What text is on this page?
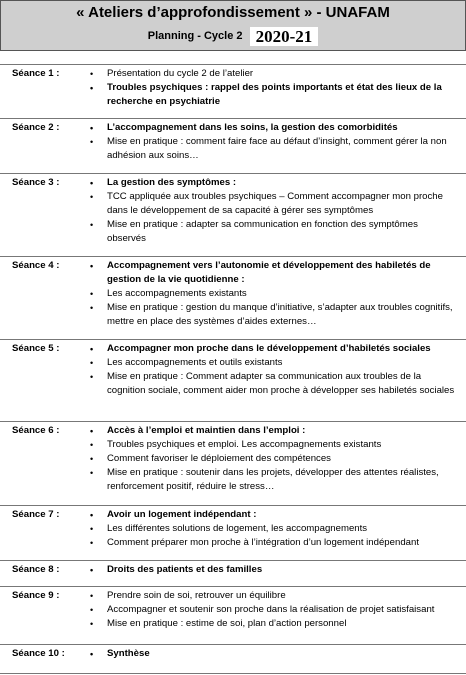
« Ateliers d’approfondissement » - UNAFAM
Planning - Cycle 2 2020-21
Séance 1 :	• Présentation du cycle 2 de l’atelier
• Troubles psychiques : rappel des points importants et état des lieux de la recherche en psychiatrie
Séance 2 :	• L’accompagnement dans les soins, la gestion des comorbidités
• Mise en pratique : comment faire face au défaut d’insight, comment gérer la non adhésion aux soins…
Séance 3 :	• La gestion des symptômes :
• TCC appliquée aux troubles psychiques – Comment accompagner mon proche dans le développement de sa capacité à gérer ses symptômes
• Mise en pratique : adapter sa communication en fonction des symptômes observés
Séance 4 :	• Accompagnement vers l’autonomie et développement des habiletés de gestion de la vie quotidienne :
• Les accompagnements existants
• Mise en pratique : gestion du manque d’initiative, s’adapter aux troubles cognitifs, mettre en place des systèmes d’aides externes…
Séance 5 :	• Accompagner mon proche dans le développement d’habiletés sociales
• Les accompagnements et outils existants
• Mise en pratique : Comment adapter sa communication aux troubles de la cognition sociale, comment aider mon proche à développer ses habiletés sociales
Séance 6 :	• Accès à l’emploi et maintien dans l’emploi :
• Troubles psychiques et emploi. Les accompagnements existants
• Comment favoriser le déploiement des compétences
• Mise en pratique : soutenir dans les projets, développer des attentes réalistes, renforcement positif, réduire le stress…
Séance 7 :	• Avoir un logement indépendant :
• Les différentes solutions de logement, les accompagnements
• Comment préparer mon proche à l’intégration d’un logement indépendant
Séance 8 :	• Droits des patients et des familles
Séance 9 :	• Prendre soin de soi, retrouver un équilibre
• Accompagner et soutenir son proche dans la réalisation de projet satisfaisant
• Mise en pratique : estime de soi, plan d’action personnel
Séance 10 :	• Synthèse
